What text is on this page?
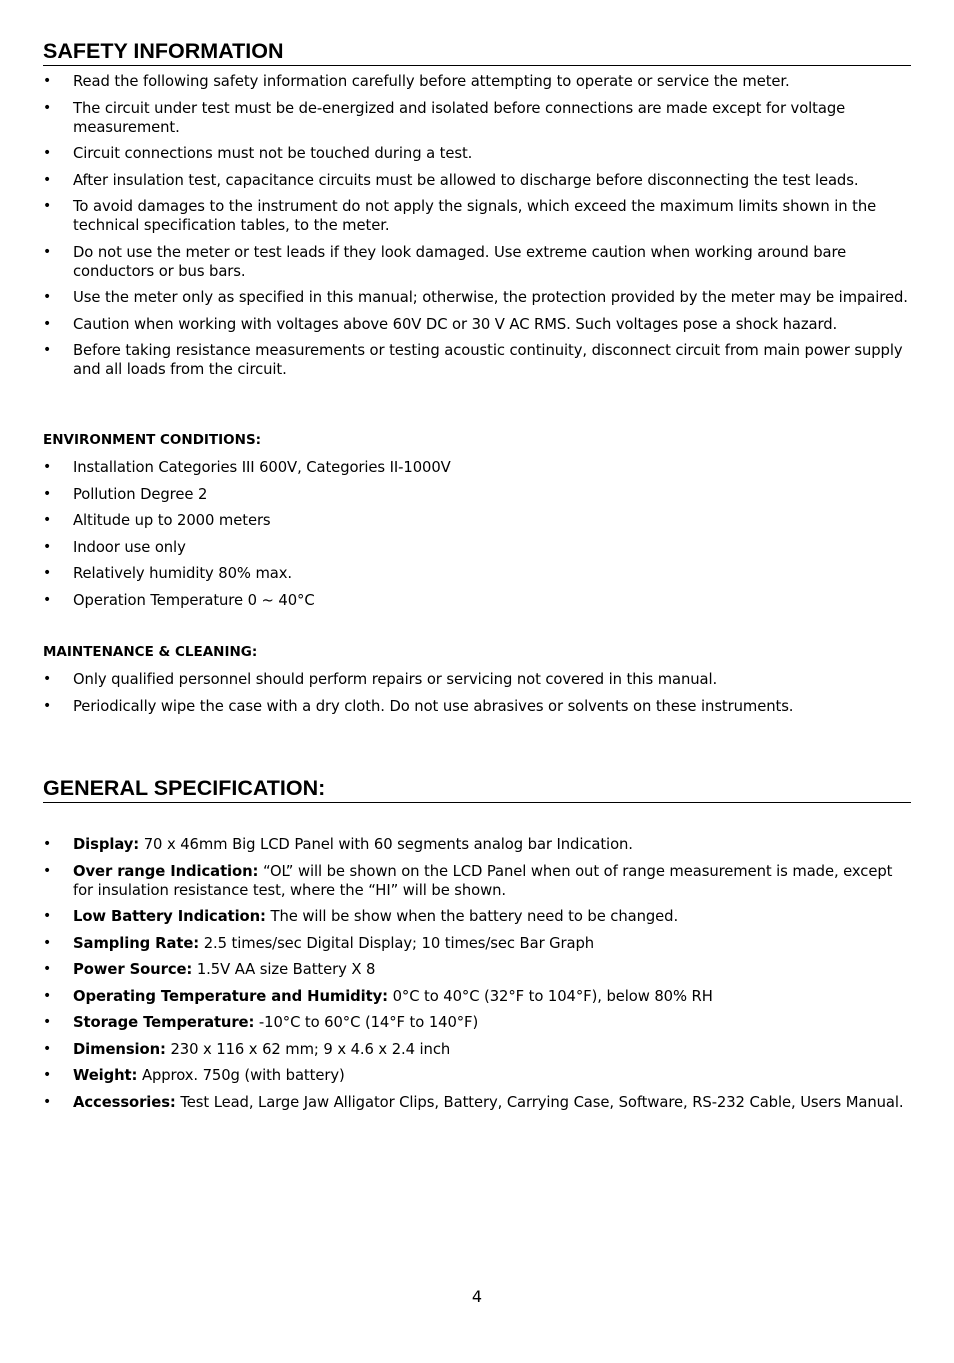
SAFETY INFORMATION
• Read the following safety information carefully before attempting to operate or service the meter.
• The circuit under test must be de-energized and isolated before connections are made except for voltage measurement.
• Circuit connections must not be touched during a test.
• After insulation test, capacitance circuits must be allowed to discharge before disconnecting the test leads.
• To avoid damages to the instrument do not apply the signals, which exceed the maximum limits shown in the technical specification tables, to the meter.
• Do not use the meter or test leads if they look damaged. Use extreme caution when working around bare conductors or bus bars.
• Use the meter only as specified in this manual; otherwise, the protection provided by the meter may be impaired.
• Caution when working with voltages above 60V DC or 30 V AC RMS. Such voltages pose a shock hazard.
• Before taking resistance measurements or testing acoustic continuity, disconnect circuit from main power supply and all loads from the circuit.
ENVIRONMENT CONDITIONS:
• Installation Categories III 600V, Categories II-1000V
• Pollution Degree 2
• Altitude up to 2000 meters
• Indoor use only
• Relatively humidity 80% max.
• Operation Temperature 0 ~ 40°C
MAINTENANCE & CLEANING:
• Only qualified personnel should perform repairs or servicing not covered in this manual.
• Periodically wipe the case with a dry cloth. Do not use abrasives or solvents on these instruments.
GENERAL SPECIFICATION:
• Display: 70 x 46mm Big LCD Panel with 60 segments analog bar Indication.
• Over range Indication: “OL” will be shown on the LCD Panel when out of range measurement is made, except for insulation resistance test, where the “HI” will be shown.
• Low Battery Indication: The will be show when the battery need to be changed.
• Sampling Rate: 2.5 times/sec Digital Display; 10 times/sec Bar Graph
• Power Source: 1.5V AA size Battery X 8
• Operating Temperature and Humidity: 0°C to 40°C (32°F to 104°F), below 80% RH
• Storage Temperature: -10°C to 60°C (14°F to 140°F)
• Dimension: 230 x 116 x 62 mm; 9 x 4.6 x 2.4 inch
• Weight: Approx. 750g (with battery)
• Accessories: Test Lead, Large Jaw Alligator Clips, Battery, Carrying Case, Software, RS-232 Cable, Users Manual.
4
